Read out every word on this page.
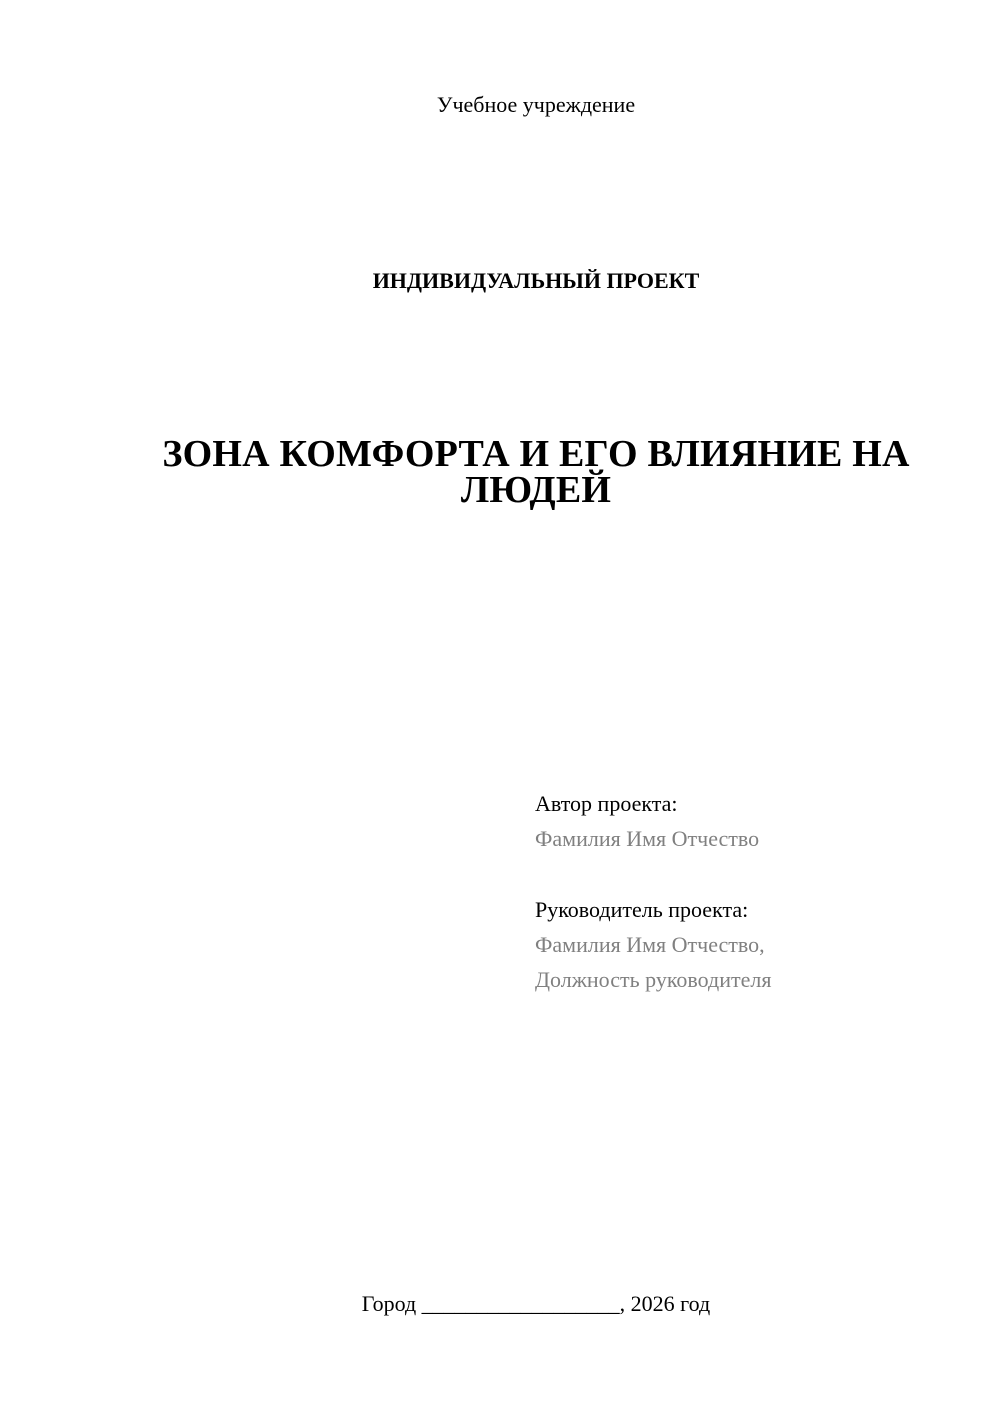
Учебное учреждение
ИНДИВИДУАЛЬНЫЙ ПРОЕКТ
ЗОНА КОМФОРТА И ЕГО ВЛИЯНИЕ НА
ЛЮДЕЙ
Автор проекта:
Фамилия Имя Отчество
Руководитель проекта:
Фамилия Имя Отчество,
Должность руководителя
Город __________________, 2026 год
